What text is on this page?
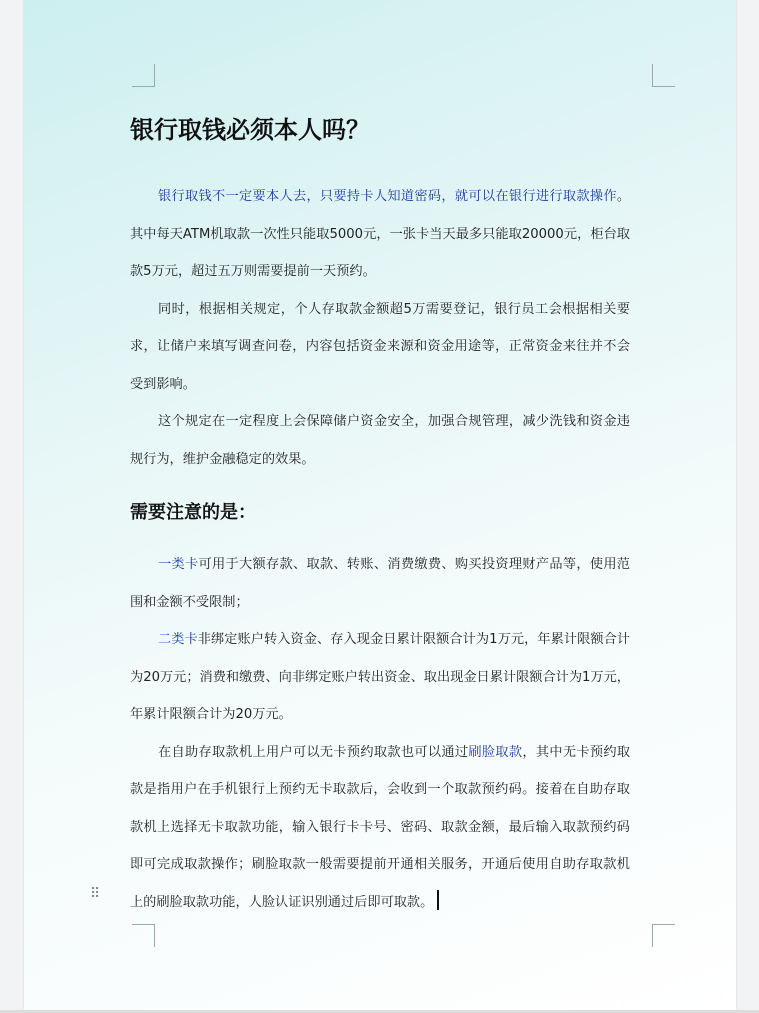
银行取钱必须本人吗？

银行取钱不一定要本人去，只要持卡人知道密码，就可以在银行进行取款操作。其中每天ATM机取款一次性只能取5000元，一张卡当天最多只能取20000元，柜台取款5万元，超过五万则需要提前一天预约。

同时，根据相关规定，个人存取款金额超5万需要登记，银行员工会根据相关要求，让储户来填写调查问卷，内容包括资金来源和资金用途等，正常资金来往并不会受到影响。

这个规定在一定程度上会保障储户资金安全，加强合规管理，减少洗钱和资金违规行为，维护金融稳定的效果。

需要注意的是：

一类卡可用于大额存款、取款、转账、消费缴费、购买投资理财产品等，使用范围和金额不受限制；

二类卡非绑定账户转入资金、存入现金日累计限额合计为1万元，年累计限额合计为20万元；消费和缴费、向非绑定账户转出资金、取出现金日累计限额合计为1万元，年累计限额合计为20万元。

在自助存取款机上用户可以无卡预约取款也可以通过刷脸取款，其中无卡预约取款是指用户在手机银行上预约无卡取款后，会收到一个取款预约码。接着在自助存取款机上选择无卡取款功能，输入银行卡卡号、密码、取款金额，最后输入取款预约码即可完成取款操作；刷脸取款一般需要提前开通相关服务，开通后使用自助存取款机上的刷脸取款功能，人脸认证识别通过后即可取款。

⠿
